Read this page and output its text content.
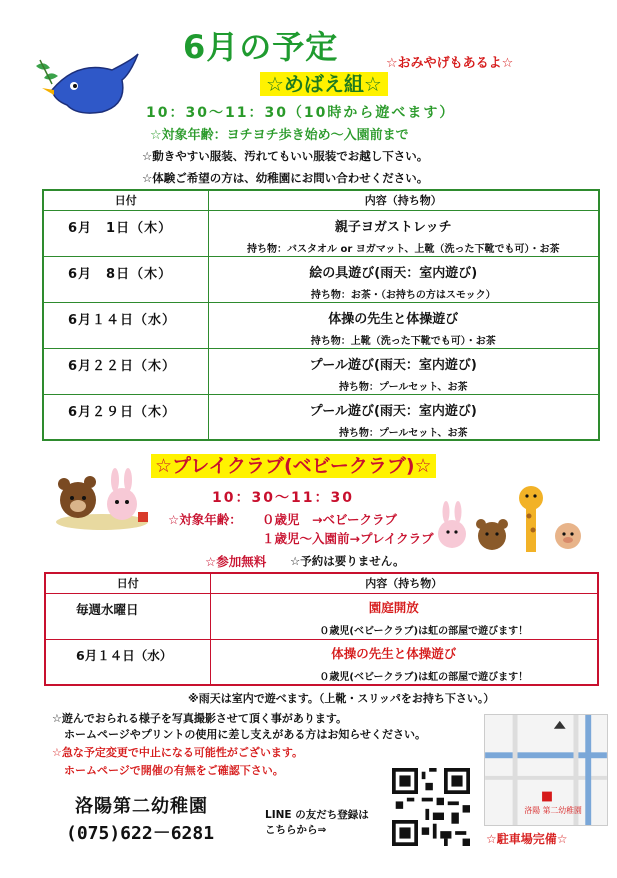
6月の予定	☆おみやげもあるよ☆
☆めばえ組☆
10：30～11：30（10時から遊べます）
☆対象年齢：ヨチヨチ歩き始め～入園前まで
☆動きやすい服装、汚れてもいい服装でお越し下さい。
☆体験ご希望の方は、幼稚園にお問い合わせください。
日付	内容（持ち物）
6月　1日（木）	親子ヨガストレッチ
持ち物：バスタオル or ヨガマット、上靴（洗った下靴でも可）・お茶

6月　8日（木）	絵の具遊び(雨天：室内遊び)
持ち物：お茶・（お持ちの方はスモック）

6月１４日（水）	体操の先生と体操遊び
持ち物：上靴（洗った下靴でも可）・お茶

6月２２日（木）	プール遊び(雨天：室内遊び)
持ち物：プールセット、お茶

6月２９日（木）	プール遊び(雨天：室内遊び)
持ち物：プールセット、お茶
☆プレイクラブ(ベビークラブ)☆
10：30～11：30
☆対象年齢： ０歳児　→ベビークラブ
１歳児～入園前→プレイクラブ
☆参加無料 ☆予約は要りません。
日付	内容（持ち物）
毎週水曜日	園庭開放
０歳児(ベビークラブ)は虹の部屋で遊びます！

6月１４日（水）	体操の先生と体操遊び
０歳児(ベビークラブ)は虹の部屋で遊びます！
※雨天は室内で遊べます。（上靴・スリッパをお持ち下さい。）
☆遊んでおられる様子を写真撮影させて頂く事があります。
ホームページやプリントの使用に差し支えがある方はお知らせください。
☆急な予定変更で中止になる可能性がございます。
ホームページで開催の有無をご確認下さい。
洛陽第二幼稚園
(075)622－6281
LINE の友だち登録は
こちらから⇒
洛陽 第二幼稚園
☆駐車場完備☆
